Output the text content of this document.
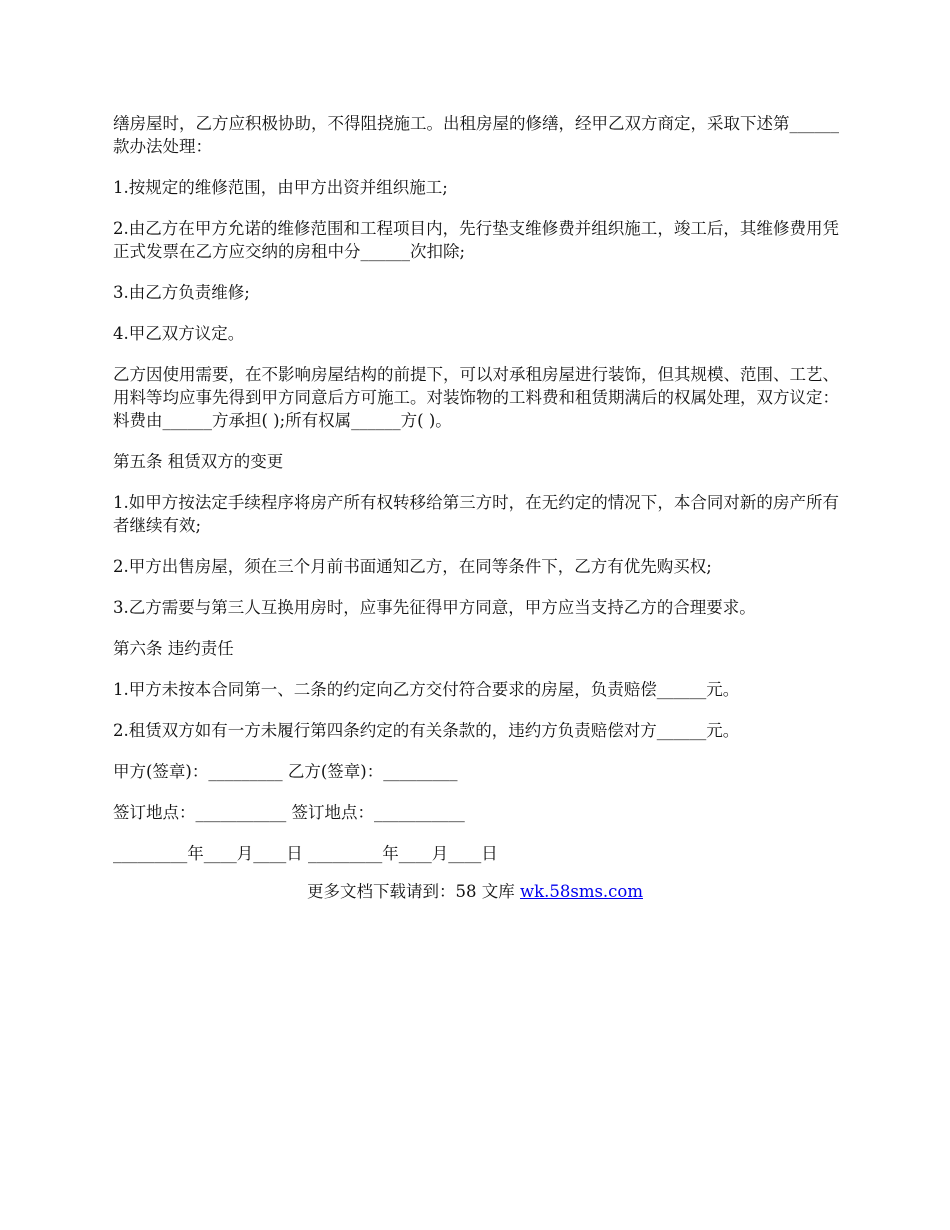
缮房屋时，乙方应积极协助，不得阻挠施工。出租房屋的修缮，经甲乙双方商定，采取下述第______款办法处理：

1.按规定的维修范围，由甲方出资并组织施工;

2.由乙方在甲方允诺的维修范围和工程项目内，先行垫支维修费并组织施工，竣工后，其维修费用凭正式发票在乙方应交纳的房租中分______次扣除;

3.由乙方负责维修;

4.甲乙双方议定。

乙方因使用需要，在不影响房屋结构的前提下，可以对承租房屋进行装饰，但其规模、范围、工艺、用料等均应事先得到甲方同意后方可施工。对装饰物的工料费和租赁期满后的权属处理，双方议定：料费由______方承担( );所有权属______方( )。

第五条 租赁双方的变更

1.如甲方按法定手续程序将房产所有权转移给第三方时，在无约定的情况下，本合同对新的房产所有者继续有效;

2.甲方出售房屋，须在三个月前书面通知乙方，在同等条件下，乙方有优先购买权;

3.乙方需要与第三人互换用房时，应事先征得甲方同意，甲方应当支持乙方的合理要求。

第六条 违约责任

1.甲方未按本合同第一、二条的约定向乙方交付符合要求的房屋，负责赔偿______元。

2.租赁双方如有一方未履行第四条约定的有关条款的，违约方负责赔偿对方______元。

甲方(签章)：_________ 乙方(签章)：_________

签订地点：___________ 签订地点：___________

_________年____月____日 _________年____月____日

更多文档下载请到：58 文库 wk.58sms.com
